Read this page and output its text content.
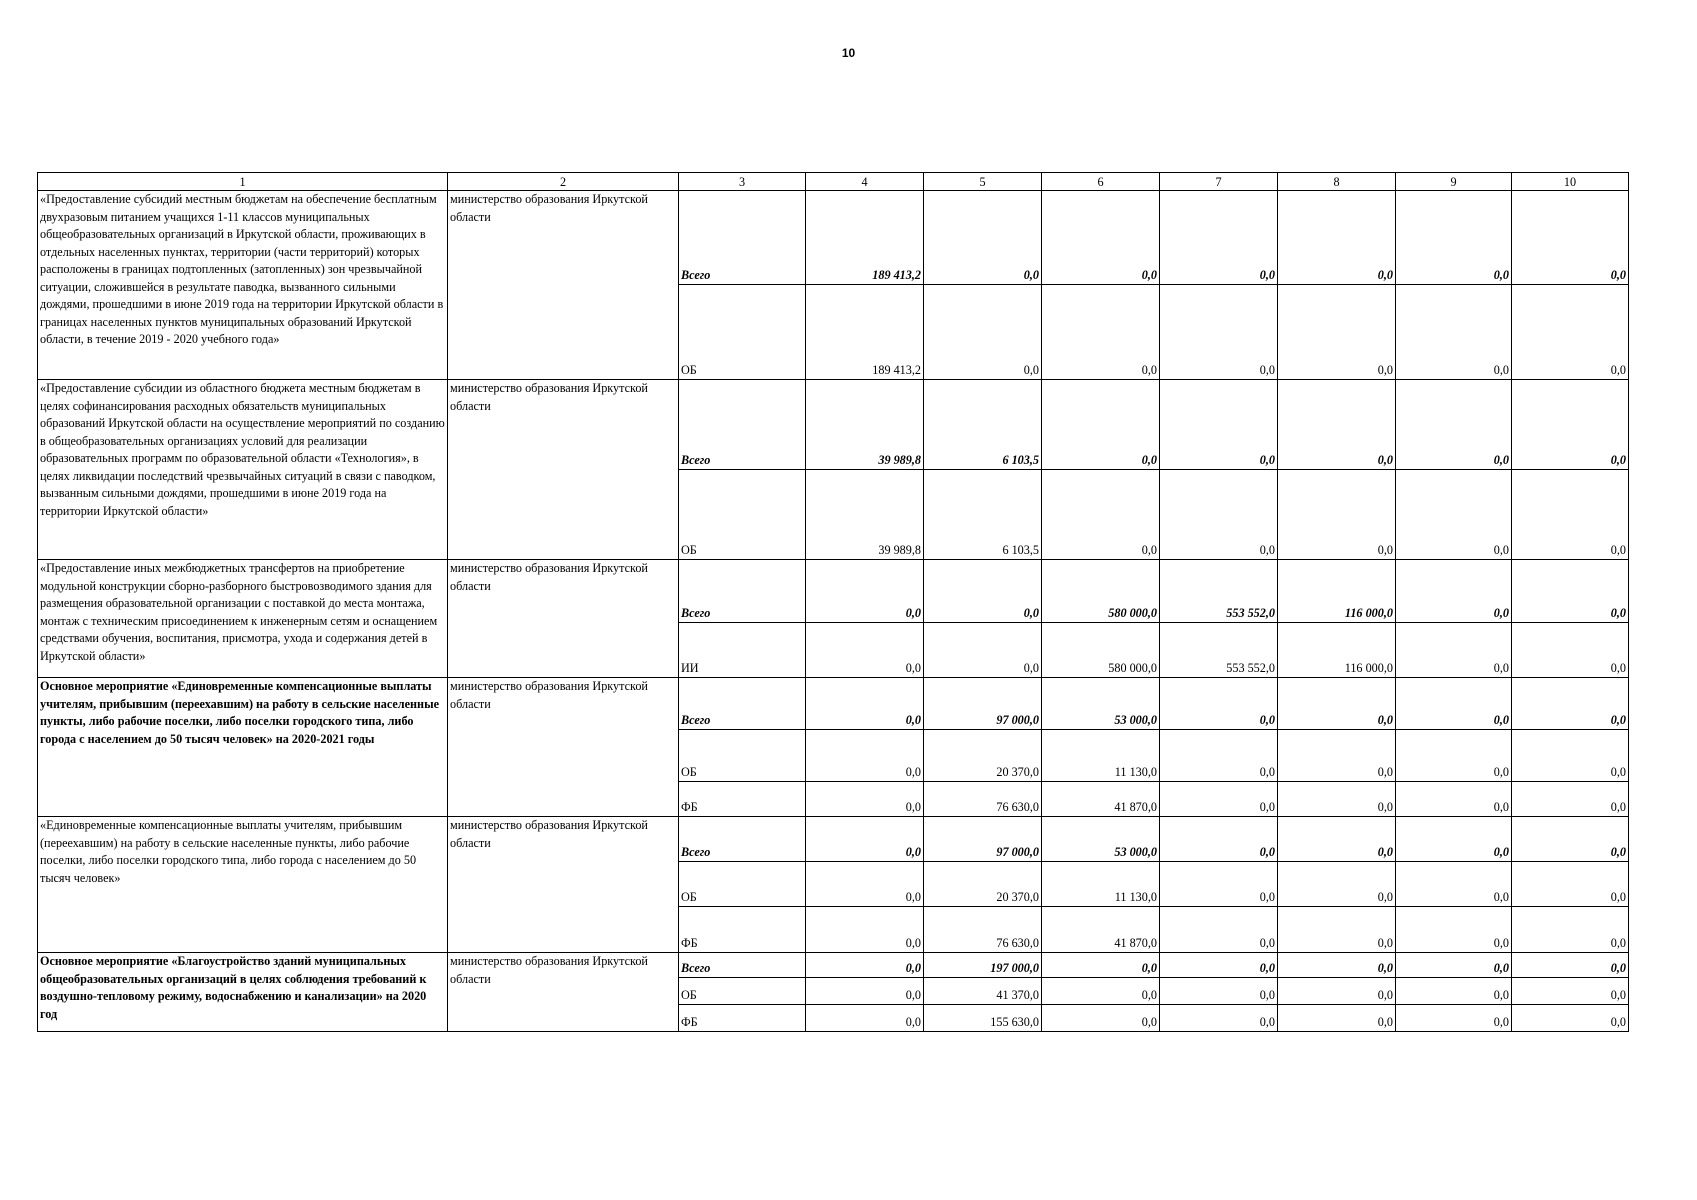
10
1	2	3	4	5	6	7	8	9	10
«Предоставление субсидий местным бюджетам на обеспечение бесплатным двухразовым питанием учащихся 1-11 классов муниципальных общеобразовательных организаций в Иркутской области, проживающих в отдельных населенных пунктах, территории (части территорий) которых расположены в границах подтопленных (затопленных) зон чрезвычайной ситуации, сложившейся в результате паводка, вызванного сильными дождями, прошедшими в июне 2019 года на территории Иркутской области в границах населенных пунктов муниципальных образований Иркутской области, в течение 2019 - 2020 учебного года»	министерство образования Иркутской области	Всего	189 413,2	0,0	0,0	0,0	0,0	0,0	0,0
		ОБ	189 413,2	0,0	0,0	0,0	0,0	0,0	0,0
«Предоставление субсидии из областного бюджета местным бюджетам в целях софинансирования расходных обязательств муниципальных образований Иркутской области на осуществление мероприятий по созданию в общеобразовательных организациях условий для реализации образовательных программ по образовательной области «Технология», в целях ликвидации последствий чрезвычайных ситуаций в связи с паводком, вызванным сильными дождями, прошедшими в июне 2019 года на территории Иркутской области»	министерство образования Иркутской области	Всего	39 989,8	6 103,5	0,0	0,0	0,0	0,0	0,0
		ОБ	39 989,8	6 103,5	0,0	0,0	0,0	0,0	0,0
«Предоставление иных межбюджетных трансфертов на приобретение модульной конструкции сборно-разборного быстровозводимого здания для размещения образовательной организации с поставкой до места монтажа, монтаж с техническим присоединением к инженерным сетям и оснащением средствами обучения, воспитания, присмотра, ухода и содержания детей в Иркутской области»	министерство образования Иркутской области	Всего	0,0	0,0	580 000,0	553 552,0	116 000,0	0,0	0,0
		ИИ	0,0	0,0	580 000,0	553 552,0	116 000,0	0,0	0,0
Основное мероприятие «Единовременные компенсационные выплаты учителям, прибывшим (переехавшим) на работу в сельские населенные пункты, либо рабочие поселки, либо поселки городского типа, либо города с населением до 50 тысяч человек» на 2020-2021 годы	министерство образования Иркутской области	Всего	0,0	97 000,0	53 000,0	0,0	0,0	0,0	0,0
		ОБ	0,0	20 370,0	11 130,0	0,0	0,0	0,0	0,0
		ФБ	0,0	76 630,0	41 870,0	0,0	0,0	0,0	0,0
«Единовременные компенсационные выплаты учителям, прибывшим (переехавшим) на работу в сельские населенные пункты, либо рабочие поселки, либо поселки городского типа, либо города с населением до 50 тысяч человек»	министерство образования Иркутской области	Всего	0,0	97 000,0	53 000,0	0,0	0,0	0,0	0,0
		ОБ	0,0	20 370,0	11 130,0	0,0	0,0	0,0	0,0
		ФБ	0,0	76 630,0	41 870,0	0,0	0,0	0,0	0,0
Основное мероприятие «Благоустройство зданий муниципальных общеобразовательных организаций в целях соблюдения требований к воздушно-тепловому режиму, водоснабжению и канализации» на 2020 год	министерство образования Иркутской области	Всего	0,0	197 000,0	0,0	0,0	0,0	0,0	0,0
		ОБ	0,0	41 370,0	0,0	0,0	0,0	0,0	0,0
		ФБ	0,0	155 630,0	0,0	0,0	0,0	0,0	0,0
